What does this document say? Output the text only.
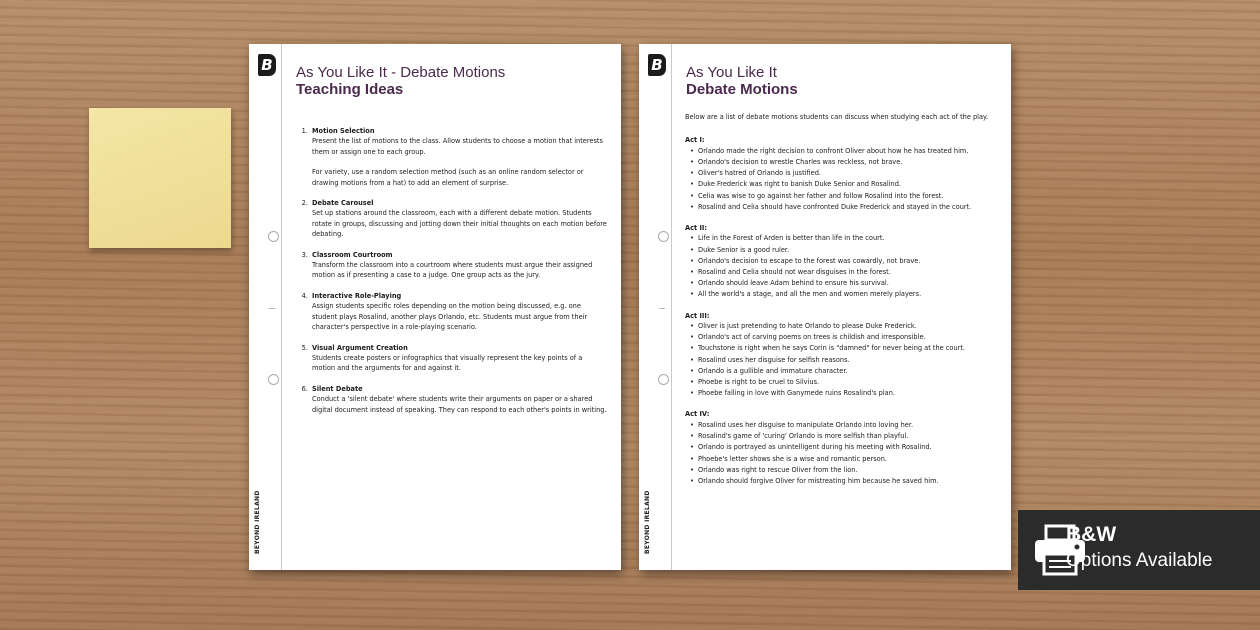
B
BEYOND IRELAND
As You Like It - Debate Motions
Teaching Ideas
1. Motion Selection
Present the list of motions to the class. Allow students to choose a motion that interests them or assign one to each group.
For variety, use a random selection method (such as an online random selector or drawing motions from a hat) to add an element of surprise.
2. Debate Carousel
Set up stations around the classroom, each with a different debate motion. Students rotate in groups, discussing and jotting down their initial thoughts on each motion before debating.
3. Classroom Courtroom
Transform the classroom into a courtroom where students must argue their assigned motion as if presenting a case to a judge. One group acts as the jury.
4. Interactive Role-Playing
Assign students specific roles depending on the motion being discussed, e.g. one student plays Rosalind, another plays Orlando, etc. Students must argue from their character's perspective in a role-playing scenario.
5. Visual Argument Creation
Students create posters or infographics that visually represent the key points of a motion and the arguments for and against it.
6. Silent Debate
Conduct a 'silent debate' where students write their arguments on paper or a shared digital document instead of speaking. They can respond to each other's points in writing.
B
BEYOND IRELAND
As You Like It
Debate Motions
Below are a list of debate motions students can discuss when studying each act of the play.
Act I:
• Orlando made the right decision to confront Oliver about how he has treated him.
• Orlando's decision to wrestle Charles was reckless, not brave.
• Oliver's hatred of Orlando is justified.
• Duke Frederick was right to banish Duke Senior and Rosalind.
• Celia was wise to go against her father and follow Rosalind into the forest.
• Rosalind and Celia should have confronted Duke Frederick and stayed in the court.
Act II:
• Life in the Forest of Arden is better than life in the court.
• Duke Senior is a good ruler.
• Orlando's decision to escape to the forest was cowardly, not brave.
• Rosalind and Celia should not wear disguises in the forest.
• Orlando should leave Adam behind to ensure his survival.
• All the world's a stage, and all the men and women merely players.
Act III:
• Oliver is just pretending to hate Orlando to please Duke Frederick.
• Orlando's act of carving poems on trees is childish and irresponsible.
• Touchstone is right when he says Corin is "damned" for never being at the court.
• Rosalind uses her disguise for selfish reasons.
• Orlando is a gullible and immature character.
• Phoebe is right to be cruel to Silvius.
• Phoebe falling in love with Ganymede ruins Rosalind's plan.
Act IV:
• Rosalind uses her disguise to manipulate Orlando into loving her.
• Rosalind's game of 'curing' Orlando is more selfish than playful.
• Orlando is portrayed as unintelligent during his meeting with Rosalind.
• Phoebe's letter shows she is a wise and romantic person.
• Orlando was right to rescue Oliver from the lion.
• Orlando should forgive Oliver for mistreating him because he saved him.
B&W
Options Available
